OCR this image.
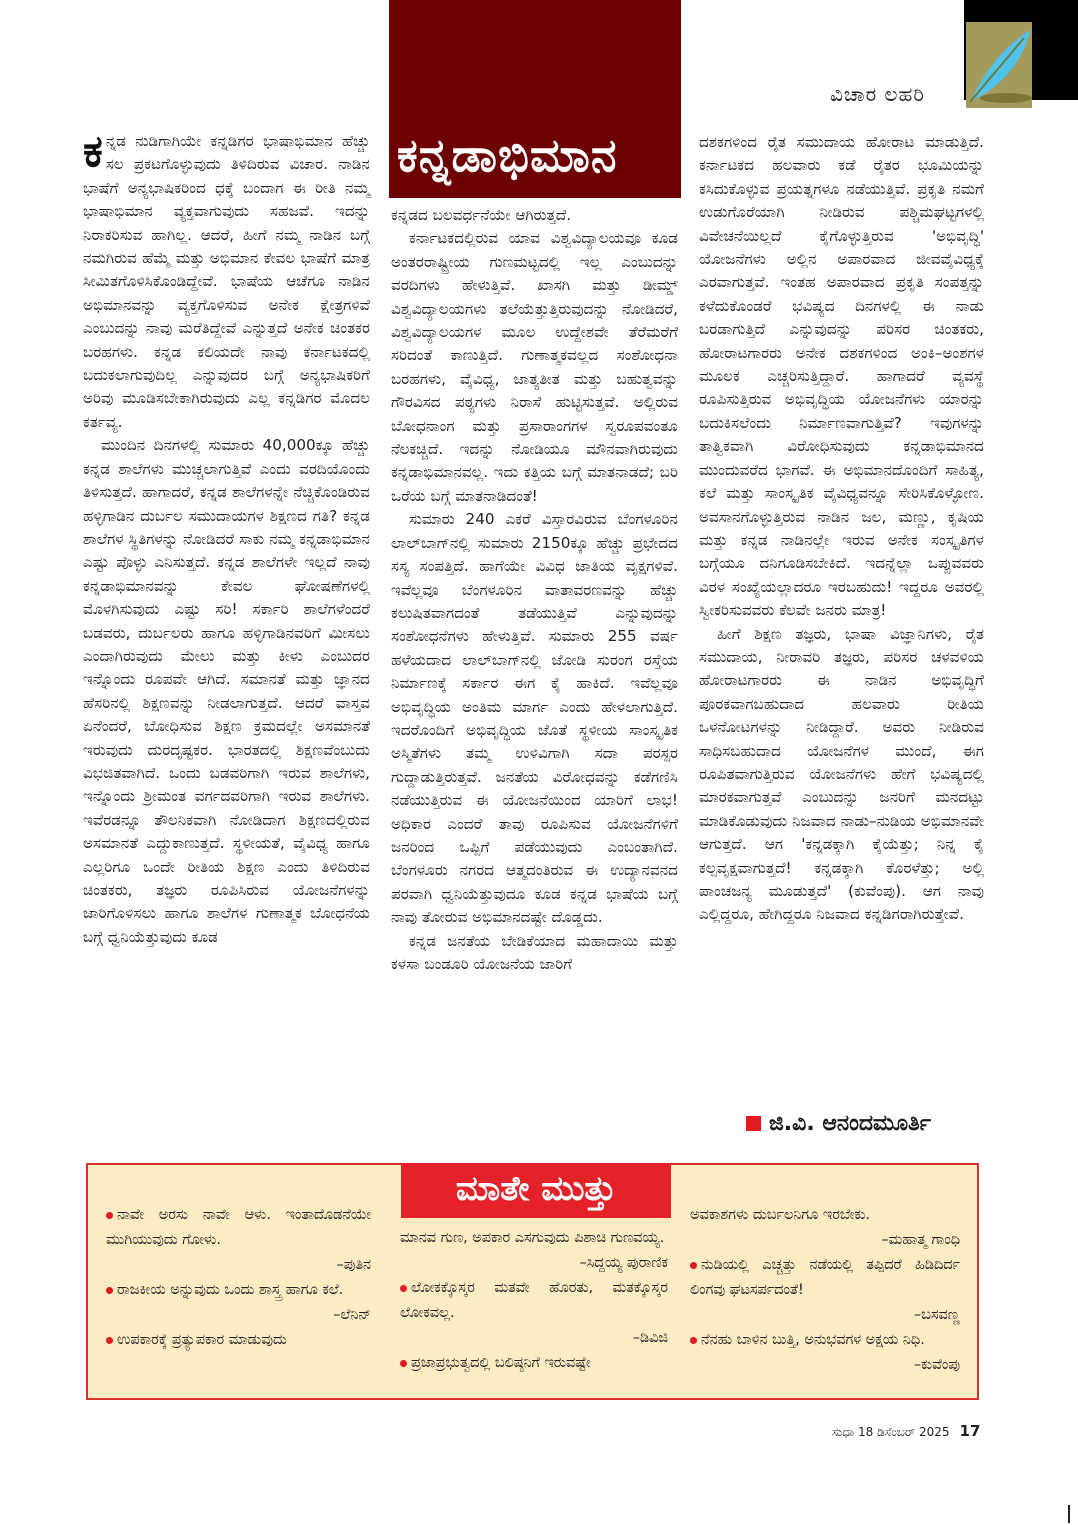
ವಿಚಾರ ಲಹರಿ
ಕನ್ನಡಾಭಿಮಾನ

ಕನ್ನಡ ನುಡಿಗಾಗಿಯೇ ಕನ್ನಡಿಗರ ಭಾಷಾಭಿಮಾನ ಹೆಚ್ಚು ಸಲ ಪ್ರಕಟಗೊಳ್ಳುವುದು ತಿಳಿದಿರುವ ವಿಚಾರ. ನಾಡಿನ ಭಾಷೆಗೆ ಅನ್ಯಭಾಷಿಕರಿಂದ ಧಕ್ಕೆ ಬಂದಾಗ ಈ ರೀತಿ ನಮ್ಮ ಭಾಷಾಭಿಮಾನ ವ್ಯಕ್ತವಾಗುವುದು ಸಹಜವೆ. ಇದನ್ನು ನಿರಾಕರಿಸುವ ಹಾಗಿಲ್ಲ. ಆದರೆ, ಹೀಗೆ ನಮ್ಮ ನಾಡಿನ ಬಗ್ಗೆ ನಮಗಿರುವ ಹೆಮ್ಮೆ ಮತ್ತು ಅಭಿಮಾನ ಕೇವಲ ಭಾಷೆಗೆ ಮಾತ್ರ ಸೀಮಿತಗೊಳಿಸಿಕೊಂಡಿದ್ದೇವೆ. ಭಾಷೆಯ ಆಚೆಗೂ ನಾಡಿನ ಅಭಿಮಾನವನ್ನು ವ್ಯಕ್ತಗೊಳಿಸುವ ಅನೇಕ ಕ್ಷೇತ್ರಗಳಿವೆ ಎಂಬುದನ್ನು ನಾವು ಮರೆತಿದ್ದೇವೆ ಎನ್ನುತ್ತದೆ ಅನೇಕ ಚಿಂತಕರ ಬರಹಗಳು. ಕನ್ನಡ ಕಲಿಯದೇ ನಾವು ಕರ್ನಾಟಕದಲ್ಲಿ ಬದುಕಲಾಗುವುದಿಲ್ಲ ಎನ್ನುವುದರ ಬಗ್ಗೆ ಅನ್ಯಭಾಷಿಕರಿಗೆ ಅರಿವು ಮೂಡಿಸಬೇಕಾಗಿರುವುದು ಎಲ್ಲ ಕನ್ನಡಿಗರ ಮೊದಲ ಕರ್ತವ್ಯ.

ಮುಂದಿನ ದಿನಗಳಲ್ಲಿ ಸುಮಾರು 40,000ಕ್ಕೂ ಹೆಚ್ಚು ಕನ್ನಡ ಶಾಲೆಗಳು ಮುಚ್ಚಲಾಗುತ್ತಿವೆ ಎಂದು ವರದಿಯೊಂದು ತಿಳಿಸುತ್ತದೆ. ಹಾಗಾದರೆ, ಕನ್ನಡ ಶಾಲೆಗಳನ್ನೇ ನೆಚ್ಚಿಕೊಂಡಿರುವ ಹಳ್ಳಿಗಾಡಿನ ದುರ್ಬಲ ಸಮುದಾಯಗಳ ಶಿಕ್ಷಣದ ಗತಿ? ಕನ್ನಡ ಶಾಲೆಗಳ ಸ್ಥಿತಿಗಳನ್ನು ನೋಡಿದರೆ ಸಾಕು ನಮ್ಮ ಕನ್ನಡಾಭಿಮಾನ ಎಷ್ಟು ಪೊಳ್ಳು ಎನಿಸುತ್ತದೆ. ಕನ್ನಡ ಶಾಲೆಗಳೇ ಇಲ್ಲದೆ ನಾವು ಕನ್ನಡಾಭಿಮಾನವನ್ನು ಕೇವಲ ಘೋಷಣೆಗಳಲ್ಲಿ ಮೊಳಗಿಸುವುದು ಎಷ್ಟು ಸರಿ! ಸರ್ಕಾರಿ ಶಾಲೆಗಳೆಂದರೆ ಬಡವರು, ದುರ್ಬಲರು ಹಾಗೂ ಹಳ್ಳಿಗಾಡಿನವರಿಗೆ ಮೀಸಲು ಎಂದಾಗಿರುವುದು ಮೇಲು ಮತ್ತು ಕೀಳು ಎಂಬುದರ ಇನ್ನೊಂದು ರೂಪವೇ ಆಗಿದೆ. ಸಮಾನತೆ ಮತ್ತು ಜ್ಞಾನದ ಹೆಸರಿನಲ್ಲಿ ಶಿಕ್ಷಣವನ್ನು ನೀಡಲಾಗುತ್ತದೆ. ಆದರೆ ವಾಸ್ತವ ಏನೆಂದರೆ, ಬೋಧಿಸುವ ಶಿಕ್ಷಣ ಕ್ರಮದಲ್ಲೇ ಅಸಮಾನತೆ ಇರುವುದು ದುರದೃಷ್ಟಕರ. ಭಾರತದಲ್ಲಿ ಶಿಕ್ಷಣವೆಂಬುದು ವಿಭಜಿತವಾಗಿದೆ. ಒಂದು ಬಡವರಿಗಾಗಿ ಇರುವ ಶಾಲೆಗಳು, ಇನ್ನೊಂದು ಶ್ರೀಮಂತ ವರ್ಗದವರಿಗಾಗಿ ಇರುವ ಶಾಲೆಗಳು. ಇವೆರಡನ್ನೂ ತೌಲನಿಕವಾಗಿ ನೋಡಿದಾಗ ಶಿಕ್ಷಣದಲ್ಲಿರುವ ಅಸಮಾನತೆ ಎದ್ದುಕಾಣುತ್ತದೆ. ಸ್ಥಳೀಯತೆ, ವೈವಿಧ್ಯ ಹಾಗೂ ಎಲ್ಲರಿಗೂ ಒಂದೇ ರೀತಿಯ ಶಿಕ್ಷಣ ಎಂದು ತಿಳಿದಿರುವ ಚಿಂತಕರು, ತಜ್ಞರು ರೂಪಿಸಿರುವ ಯೋಜನೆಗಳನ್ನು ಜಾರಿಗೊಳಿಸಲು ಹಾಗೂ ಶಾಲೆಗಳ ಗುಣಾತ್ಮಕ ಬೋಧನೆಯ ಬಗ್ಗೆ ಧ್ವನಿಯೆತ್ತುವುದು ಕೂಡ

ಕನ್ನಡದ ಬಲವರ್ಧನೆಯೇ ಆಗಿರುತ್ತದೆ.

ಕರ್ನಾಟಕದಲ್ಲಿರುವ ಯಾವ ವಿಶ್ವವಿದ್ಯಾಲಯವೂ ಕೂಡ ಅಂತರರಾಷ್ಟ್ರೀಯ ಗುಣಮಟ್ಟದಲ್ಲಿ ಇಲ್ಲ ಎಂಬುದನ್ನು ವರದಿಗಳು ಹೇಳುತ್ತಿವೆ. ಖಾಸಗಿ ಮತ್ತು ಡೀಮ್ಡ್ ವಿಶ್ವವಿದ್ಯಾಲಯಗಳು ತಲೆಯೆತ್ತುತ್ತಿರುವುದನ್ನು ನೋಡಿದರೆ, ವಿಶ್ವವಿದ್ಯಾಲಯಗಳ ಮೂಲ ಉದ್ದೇಶವೇ ತೆರೆಮರೆಗೆ ಸರಿದಂತೆ ಕಾಣುತ್ತಿದೆ. ಗುಣಾತ್ಮಕವಲ್ಲದ ಸಂಶೋಧನಾ ಬರಹಗಳು, ವೈವಿಧ್ಯ, ಜಾತ್ಯತೀತ ಮತ್ತು ಬಹುತ್ವವನ್ನು ಗೌರವಿಸದ ಪಠ್ಯಗಳು ನಿರಾಸೆ ಹುಟ್ಟಿಸುತ್ತವೆ. ಅಲ್ಲಿರುವ ಬೋಧನಾಂಗ ಮತ್ತು ಪ್ರಸಾರಾಂಗಗಳ ಸ್ವರೂಪವಂತೂ ನೆಲಕಚ್ಚಿದೆ. ಇದನ್ನು ನೋಡಿಯೂ ಮೌನವಾಗಿರುವುದು ಕನ್ನಡಾಭಿಮಾನವಲ್ಲ. ಇದು ಕತ್ತಿಯ ಬಗ್ಗೆ ಮಾತನಾಡದೆ; ಬರಿ ಒರೆಯ ಬಗ್ಗೆ ಮಾತನಾಡಿದಂತೆ!

ಸುಮಾರು 240 ಎಕರೆ ವಿಸ್ತಾರವಿರುವ ಬೆಂಗಳೂರಿನ ಲಾಲ್‌ಬಾಗ್‌ನಲ್ಲಿ ಸುಮಾರು 2150ಕ್ಕೂ ಹೆಚ್ಚು ಪ್ರಭೇದದ ಸಸ್ಯ ಸಂಪತ್ತಿದೆ. ಹಾಗೆಯೇ ವಿವಿಧ ಜಾತಿಯ ವೃಕ್ಷಗಳಿವೆ. ಇವೆಲ್ಲವೂ ಬೆಂಗಳೂರಿನ ವಾತಾವರಣವನ್ನು ಹೆಚ್ಚು ಕಲುಷಿತವಾಗದಂತೆ ತಡೆಯುತ್ತಿವೆ ಎನ್ನುವುದನ್ನು ಸಂಶೋಧನೆಗಳು ಹೇಳುತ್ತಿವೆ. ಸುಮಾರು 255 ವರ್ಷ ಹಳೆಯದಾದ ಲಾಲ್‌ಬಾಗ್‌ನಲ್ಲಿ ಜೋಡಿ ಸುರಂಗ ರಸ್ತೆಯ ನಿರ್ಮಾಣಕ್ಕೆ ಸರ್ಕಾರ ಈಗ ಕೈ ಹಾಕಿದೆ. ಇವೆಲ್ಲವೂ ಅಭಿವೃದ್ಧಿಯ ಅಂತಿಮ ಮಾರ್ಗ ಎಂದು ಹೇಳಲಾಗುತ್ತಿದೆ. ಇದರೊಂದಿಗೆ ಅಭಿವೃದ್ಧಿಯ ಜೊತೆ ಸ್ಥಳೀಯ ಸಾಂಸ್ಕೃತಿಕ ಅಸ್ಮಿತೆಗಳು ತಮ್ಮ ಉಳಿವಿಗಾಗಿ ಸದಾ ಪರಸ್ಪರ ಗುದ್ದಾಡುತ್ತಿರುತ್ತವೆ. ಜನತೆಯ ವಿರೋಧವನ್ನು ಕಡೆಗಣಿಸಿ ನಡೆಯುತ್ತಿರುವ ಈ ಯೋಜನೆಯಿಂದ ಯಾರಿಗೆ ಲಾಭ! ಅಧಿಕಾರ ಎಂದರೆ ತಾವು ರೂಪಿಸುವ ಯೋಜನೆಗಳಿಗೆ ಜನರಿಂದ ಒಪ್ಪಿಗೆ ಪಡೆಯುವುದು ಎಂಬಂತಾಗಿದೆ. ಬೆಂಗಳೂರು ನಗರದ ಆತ್ಮದಂತಿರುವ ಈ ಉದ್ಯಾನವನದ ಪರವಾಗಿ ಧ್ವನಿಯೆತ್ತುವುದೂ ಕೂಡ ಕನ್ನಡ ಭಾಷೆಯ ಬಗ್ಗೆ ನಾವು ತೋರುವ ಅಭಿಮಾನದಷ್ಟೇ ದೊಡ್ಡದು.

ಕನ್ನಡ ಜನತೆಯ ಬೇಡಿಕೆಯಾದ ಮಹಾದಾಯಿ ಮತ್ತು ಕಳಸಾ ಬಂಡೂರಿ ಯೋಜನೆಯ ಜಾರಿಗೆ

ದಶಕಗಳಿಂದ ರೈತ ಸಮುದಾಯ ಹೋರಾಟ ಮಾಡುತ್ತಿದೆ. ಕರ್ನಾಟಕದ ಹಲವಾರು ಕಡೆ ರೈತರ ಭೂಮಿಯನ್ನು ಕಸಿದುಕೊಳ್ಳುವ ಪ್ರಯತ್ನಗಳೂ ನಡೆಯುತ್ತಿವೆ. ಪ್ರಕೃತಿ ನಮಗೆ ಉಡುಗೊರೆಯಾಗಿ ನೀಡಿರುವ ಪಶ್ಚಿಮಘಟ್ಟಗಳಲ್ಲಿ ವಿವೇಚನೆಯಿಲ್ಲದೆ ಕೈಗೊಳ್ಳುತ್ತಿರುವ 'ಅಭಿವೃದ್ಧಿ' ಯೋಜನೆಗಳು ಅಲ್ಲಿನ ಅಪಾರವಾದ ಜೀವವೈವಿಧ್ಯಕ್ಕೆ ಎರವಾಗುತ್ತವೆ. ಇಂತಹ ಅಪಾರವಾದ ಪ್ರಕೃತಿ ಸಂಪತ್ತನ್ನು ಕಳೆದುಕೊಂಡರೆ ಭವಿಷ್ಯದ ದಿನಗಳಲ್ಲಿ ಈ ನಾಡು ಬರಡಾಗುತ್ತಿದೆ ಎನ್ನುವುದನ್ನು ಪರಿಸರ ಚಿಂತಕರು, ಹೋರಾಟಗಾರರು ಅನೇಕ ದಶಕಗಳಿಂದ ಅಂಕಿ–ಅಂಶಗಳ ಮೂಲಕ ಎಚ್ಚರಿಸುತ್ತಿದ್ದಾರೆ. ಹಾಗಾದರೆ ವ್ಯವಸ್ಥೆ ರೂಪಿಸುತ್ತಿರುವ ಅಭಿವೃದ್ಧಿಯ ಯೋಜನೆಗಳು ಯಾರನ್ನು ಬದುಕಿಸಲೆಂದು ನಿರ್ಮಾಣವಾಗುತ್ತಿವೆ? ಇವುಗಳನ್ನು ತಾತ್ವಿಕವಾಗಿ ವಿರೋಧಿಸುವುದು ಕನ್ನಡಾಭಿಮಾನದ ಮುಂದುವರೆದ ಭಾಗವೆ. ಈ ಅಭಿಮಾನದೊಂದಿಗೆ ಸಾಹಿತ್ಯ, ಕಲೆ ಮತ್ತು ಸಾಂಸ್ಕೃತಿಕ ವೈವಿಧ್ಯವನ್ನೂ ಸೇರಿಸಿಕೊಳ್ಳೋಣ. ಅವಸಾನಗೊಳ್ಳುತ್ತಿರುವ ನಾಡಿನ ಜಲ, ಮಣ್ಣು, ಕೃಷಿಯ ಮತ್ತು ಕನ್ನಡ ನಾಡಿನಲ್ಲೇ ಇರುವ ಅನೇಕ ಸಂಸ್ಕೃತಿಗಳ ಬಗ್ಗೆಯೂ ದನಿಗೂಡಿಸಬೇಕಿದೆ. ಇದನ್ನೆಲ್ಲಾ ಒಪ್ಪುವವರು ವಿರಳ ಸಂಖ್ಯೆಯಲ್ಲಾದರೂ ಇರಬಹುದು! ಇದ್ದರೂ ಅವರಲ್ಲಿ ಸ್ವೀಕರಿಸುವವರು ಕೆಲವೇ ಜನರು ಮಾತ್ರ!

ಹೀಗೆ ಶಿಕ್ಷಣ ತಜ್ಞರು, ಭಾಷಾ ವಿಜ್ಞಾನಿಗಳು, ರೈತ ಸಮುದಾಯ, ನೀರಾವರಿ ತಜ್ಞರು, ಪರಿಸರ ಚಳವಳಿಯ ಹೋರಾಟಗಾರರು ಈ ನಾಡಿನ ಅಭಿವೃದ್ಧಿಗೆ ಪೂರಕವಾಗಬಹುದಾದ ಹಲವಾರು ರೀತಿಯ ಒಳನೋಟಗಳನ್ನು ನೀಡಿದ್ದಾರೆ. ಅವರು ನೀಡಿರುವ ಸಾಧಿಸಬಹುದಾದ ಯೋಜನೆಗಳ ಮುಂದೆ, ಈಗ ರೂಪಿತವಾಗುತ್ತಿರುವ ಯೋಜನೆಗಳು ಹೇಗೆ ಭವಿಷ್ಯದಲ್ಲಿ ಮಾರಕವಾಗುತ್ತವೆ ಎಂಬುದನ್ನು ಜನರಿಗೆ ಮನದಟ್ಟು ಮಾಡಿಕೊಡುವುದು ನಿಜವಾದ ನಾಡು–ನುಡಿಯ ಅಭಿಮಾನವೇ ಆಗುತ್ತದೆ. ಆಗ 'ಕನ್ನಡಕ್ಕಾಗಿ ಕೈಯೆತ್ತು; ನಿನ್ನ ಕೈ ಕಲ್ಪವೃಕ್ಷವಾಗುತ್ತದೆ! ಕನ್ನಡಕ್ಕಾಗಿ ಕೊರಳೆತ್ತು; ಅಲ್ಲಿ ಪಾಂಚಜನ್ಯ ಮೂಡುತ್ತದೆ' (ಕುವೆಂಪು). ಆಗ ನಾವು ಎಲ್ಲಿದ್ದರೂ, ಹೇಗಿದ್ದರೂ ನಿಜವಾದ ಕನ್ನಡಿಗರಾಗಿರುತ್ತೇವೆ.

ಜಿ.ವಿ. ಆನಂದಮೂರ್ತಿ
ಮಾತೇ ಮುತ್ತು
ನಾವೇ ಅರಸು ನಾವೇ ಆಳು. ಇಂತಾದೊಡನೆಯೇ ಮುಗಿಯುವುದು ಗೋಳು.
–ಪುತಿನ
ರಾಜಕೀಯ ಅನ್ನುವುದು ಒಂದು ಶಾಸ್ತ್ರ ಹಾಗೂ ಕಲೆ.
–ಲೆನಿನ್
ಉಪಕಾರಕ್ಕೆ ಪ್ರತ್ಯುಪಕಾರ ಮಾಡುವುದು
ಮಾನವ ಗುಣ, ಅಪಕಾರ ಎಸಗುವುದು ಪಿಶಾಚಿ ಗುಣವಯ್ಯ.
–ಸಿದ್ದಯ್ಯ ಪುರಾಣಿಕ
ಲೋಕಕ್ಕೊಸ್ಕರ ಮತವೇ ಹೊರತು, ಮತಕ್ಕೊಸ್ಕರ ಲೋಕವಲ್ಲ.
–ಡಿವಿಜಿ
ಪ್ರಜಾಪ್ರಭುತ್ವದಲ್ಲಿ ಬಲಿಷ್ಠನಿಗೆ ಇರುವಷ್ಟೇ
ಅವಕಾಶಗಳು ದುರ್ಬಲನಿಗೂ ಇರಬೇಕು.
–ಮಹಾತ್ಮ ಗಾಂಧಿ
ನುಡಿಯಲ್ಲಿ ಎಚ್ಚತ್ತು ನಡೆಯಲ್ಲಿ ತಪ್ಪಿದರೆ ಹಿಡಿದಿರ್ದ ಲಿಂಗವು ಘಟಸರ್ಪದಂತೆ!
–ಬಸವಣ್ಣ
ನೆನಹು ಬಾಳಿನ ಬುತ್ತಿ, ಅನುಭವಗಳ ಅಕ್ಷಯ ನಿಧಿ.
–ಕುವೆಂಪು
ಸುಧಾ 18 ಡಿಸೆಂಬರ್ 2025 17
